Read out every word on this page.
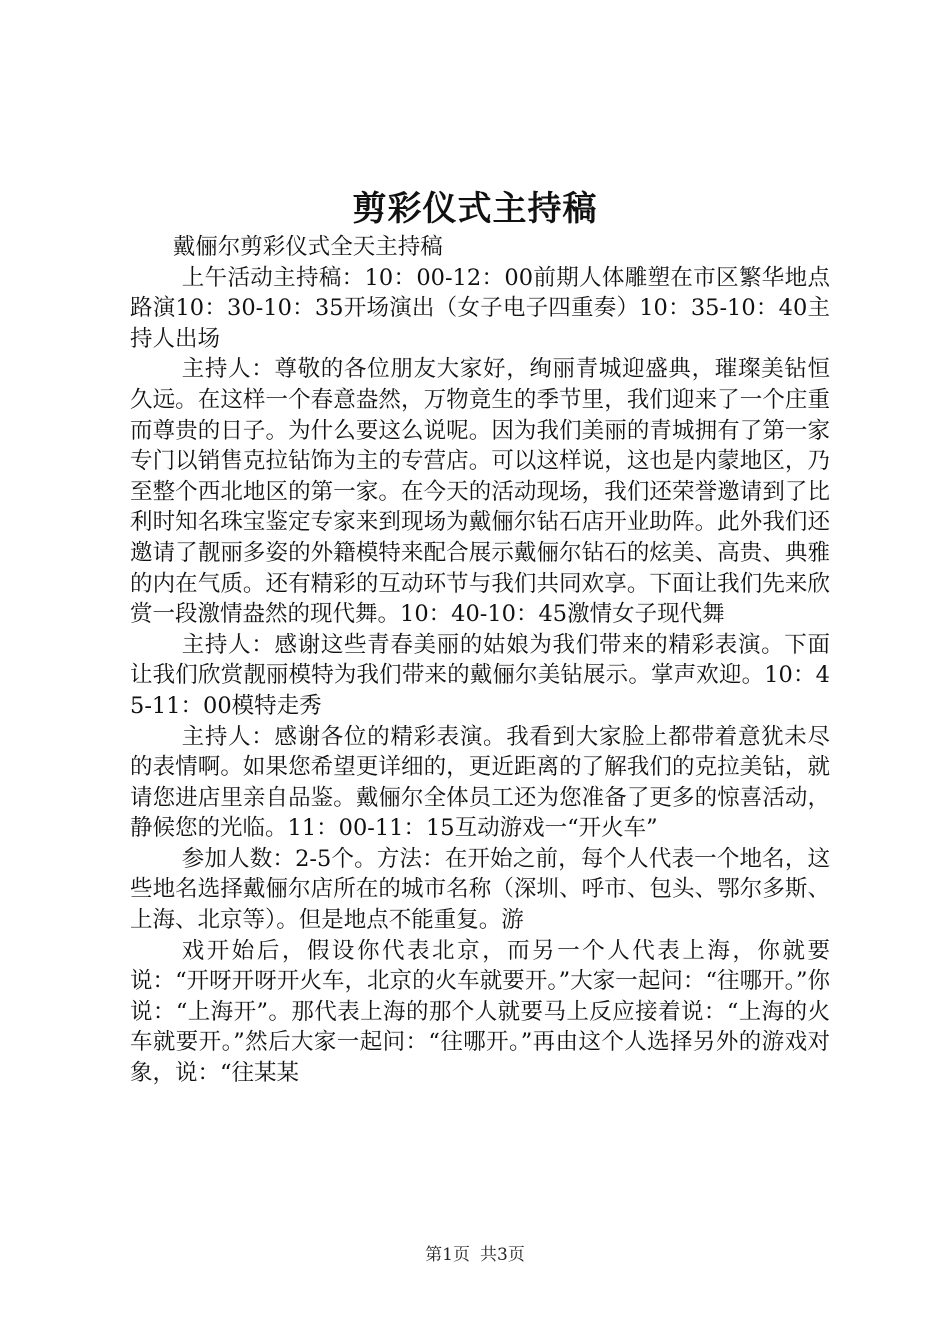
剪彩仪式主持稿

戴俪尔剪彩仪式全天主持稿

上午活动主持稿：10：00-12：00前期人体雕塑在市区繁华地点路演10：30-10：35开场演出（女子电子四重奏）10：35-10：40主持人出场

主持人：尊敬的各位朋友大家好，绚丽青城迎盛典，璀璨美钻恒久远。在这样一个春意盎然，万物竟生的季节里，我们迎来了一个庄重而尊贵的日子。为什么要这么说呢。因为我们美丽的青城拥有了第一家专门以销售克拉钻饰为主的专营店。可以这样说，这也是内蒙地区，乃至整个西北地区的第一家。在今天的活动现场，我们还荣誉邀请到了比利时知名珠宝鉴定专家来到现场为戴俪尔钻石店开业助阵。此外我们还邀请了靓丽多姿的外籍模特来配合展示戴俪尔钻石的炫美、高贵、典雅的内在气质。还有精彩的互动环节与我们共同欢享。下面让我们先来欣赏一段激情盎然的现代舞。10：40-10：45激情女子现代舞

主持人：感谢这些青春美丽的姑娘为我们带来的精彩表演。下面让我们欣赏靓丽模特为我们带来的戴俪尔美钻展示。掌声欢迎。10：45-11：00模特走秀

主持人：感谢各位的精彩表演。我看到大家脸上都带着意犹未尽的表情啊。如果您希望更详细的，更近距离的了解我们的克拉美钻，就请您进店里亲自品鉴。戴俪尔全体员工还为您准备了更多的惊喜活动，静候您的光临。11：00-11：15互动游戏一“开火车”

参加人数：2-5个。方法：在开始之前，每个人代表一个地名，这些地名选择戴俪尔店所在的城市名称（深圳、呼市、包头、鄂尔多斯、上海、北京等）。但是地点不能重复。游

戏开始后，假设你代表北京，而另一个人代表上海，你就要说：“开呀开呀开火车，北京的火车就要开。”大家一起问：“往哪开。”你说：“上海开”。那代表上海的那个人就要马上反应接着说：“上海的火车就要开。”然后大家一起问：“往哪开。”再由这个人选择另外的游戏对象，说：“往某某

第1页 共3页
